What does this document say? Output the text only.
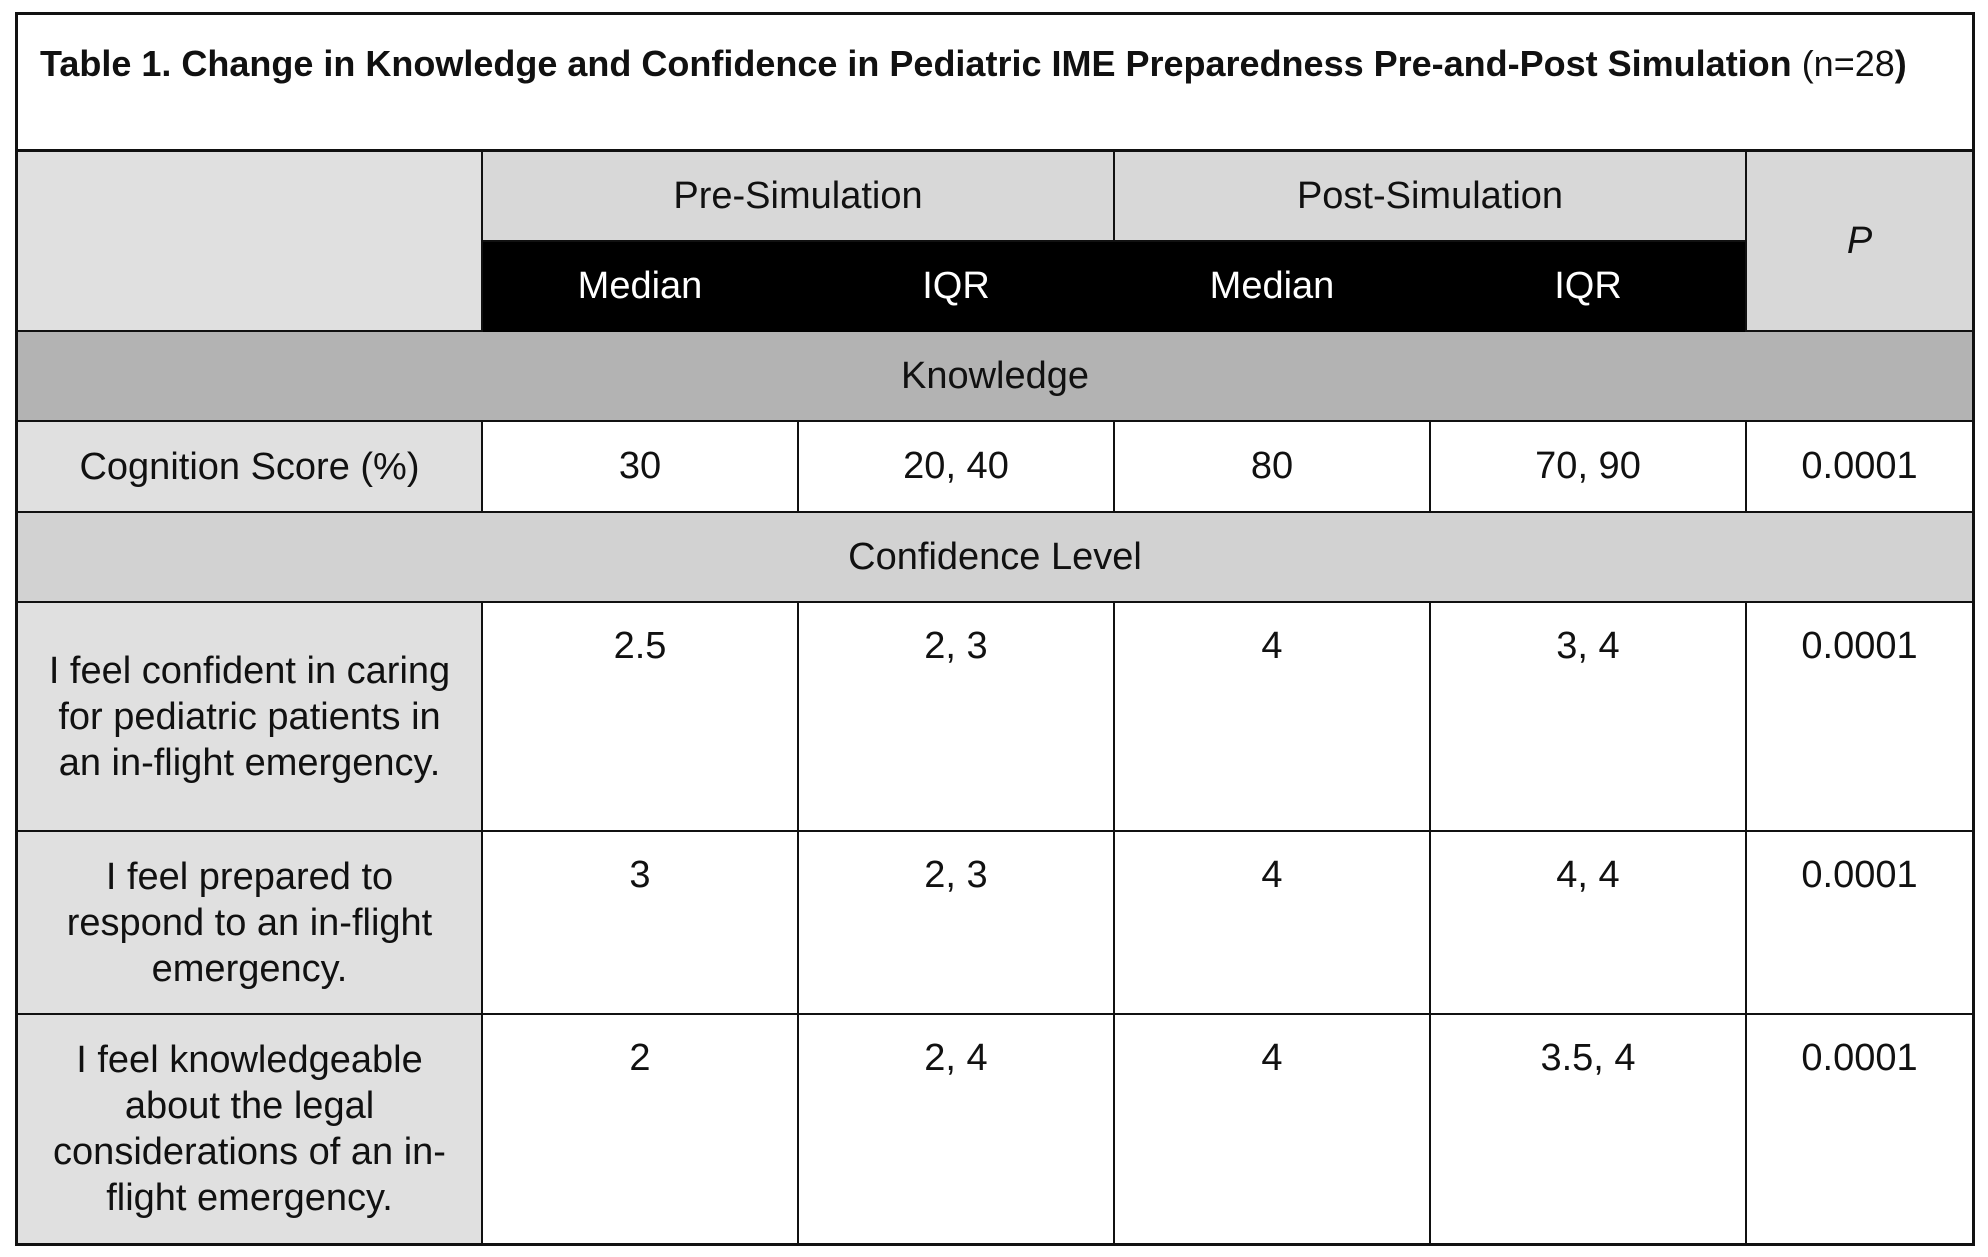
Table 1. Change in Knowledge and Confidence in Pediatric IME Preparedness Pre-and-Post Simulation (n=28)
	Pre-Simulation		Post-Simulation		P
	Median	IQR	Median	IQR	
Knowledge					
Cognition Score (%)	30	20, 40	80	70, 90	0.0001
Confidence Level					
I feel confident in caring for pediatric patients in an in-flight emergency.	2.5	2, 3	4	3, 4	0.0001
I feel prepared to respond to an in-flight emergency.	3	2, 3	4	4, 4	0.0001
I feel knowledgeable about the legal considerations of an in-flight emergency.	2	2, 4	4	3.5, 4	0.0001
